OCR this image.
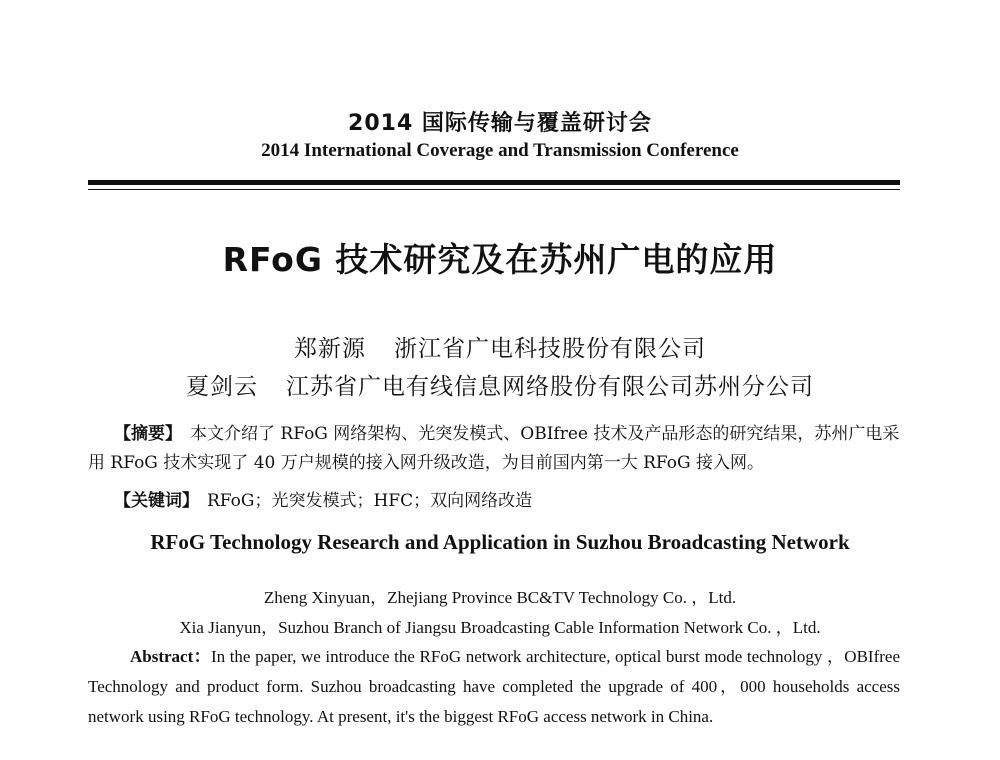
2014 国际传输与覆盖研讨会
2014 International Coverage and Transmission Conference
RFoG 技术研究及在苏州广电的应用
郑新源 浙江省广电科技股份有限公司
夏剑云 江苏省广电有线信息网络股份有限公司苏州分公司
【摘要】 本文介绍了 RFoG 网络架构、光突发模式、OBIfree 技术及产品形态的研究结果，苏州广电采用 RFoG 技术实现了 40 万户规模的接入网升级改造，为目前国内第一大 RFoG 接入网。
【关键词】 RFoG；光突发模式；HFC；双向网络改造
RFoG Technology Research and Application in Suzhou Broadcasting Network
Zheng Xinyuan，Zhejiang Province BC&TV Technology Co. ，Ltd.
Xia Jianyun，Suzhou Branch of Jiangsu Broadcasting Cable Information Network Co. ，Ltd.
Abstract：In the paper, we introduce the RFoG network architecture, optical burst mode technology ，OBIfree Technology and product form. Suzhou broadcasting have completed the upgrade of 400，000 households access network using RFoG technology. At present, it's the biggest RFoG access network in China.
